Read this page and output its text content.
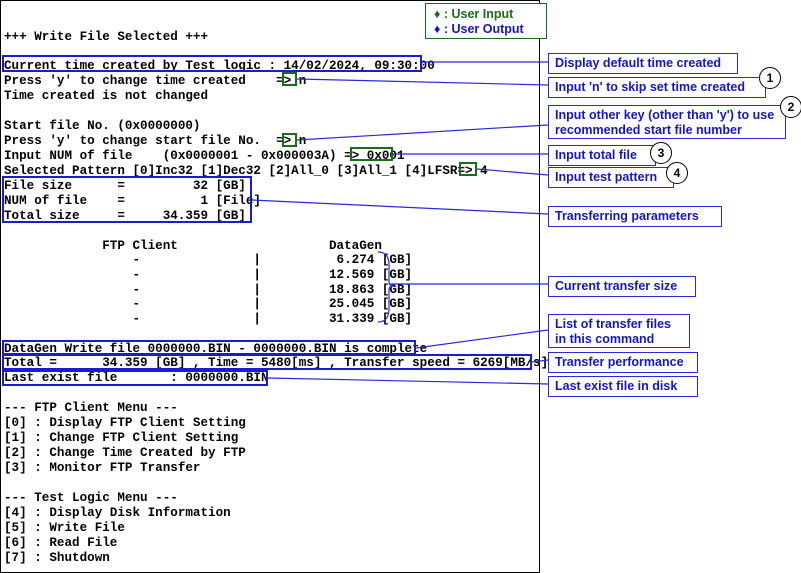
+++ Write File Selected +++
Current time created by Test logic : 14/02/2024, 09:30:00
Press 'y' to change time created    => n
Time created is not changed
Start file No. (0x0000000)
Press 'y' to change start file No.  => n
Input NUM of file    (0x0000001 - 0x000003A) => 0x001
Selected Pattern [0]Inc32 [1]Dec32 [2]All_0 [3]All_1 [4]LFSR=> 4
File size      =         32 [GB]
NUM of file    =          1 [File]
Total size     =     34.359 [GB]
FTP Client                    DataGen
-               |          6.274 [GB]
-               |         12.569 [GB]
-               |         18.863 [GB]
-               |         25.045 [GB]
-               |         31.339 [GB]
DataGen Write file 0000000.BIN - 0000000.BIN is complete
Total =      34.359 [GB] , Time = 5480[ms] , Transfer speed = 6269[MB/s]
Last exist file       : 0000000.BIN
--- FTP Client Menu ---
[0] : Display FTP Client Setting
[1] : Change FTP Client Setting
[2] : Change Time Created by FTP
[3] : Monitor FTP Transfer
--- Test Logic Menu ---
[4] : Display Disk Information
[5] : Write File
[6] : Read File
[7] : Shutdown
♦ : User Input
♦ : User Output
Display default time created
Input 'n' to skip set time created
1
Input other key (other than 'y') to use recommended start file number
2
Input total file	3
Input test pattern	4
Transferring parameters
Current transfer size
List of transfer files in this command
Transfer performance
Last exist file in disk
